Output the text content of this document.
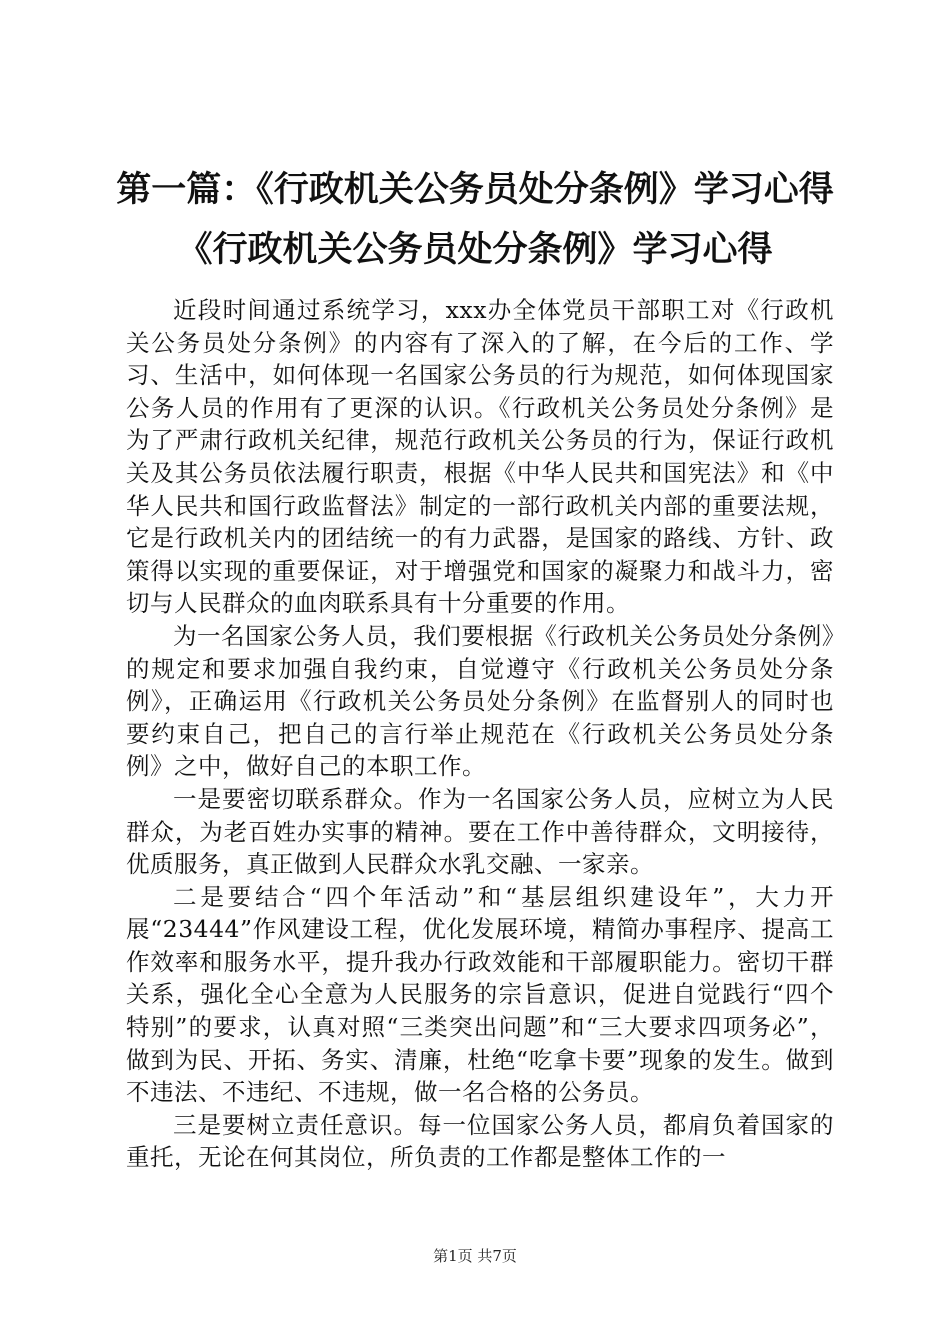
第一篇：《行政机关公务员处分条例》学习心得《行政机关公务员处分条例》学习心得

近段时间通过系统学习，xxx办全体党员干部职工对《行政机关公务员处分条例》的内容有了深入的了解，在今后的工作、学习、生活中，如何体现一名国家公务员的行为规范，如何体现国家公务人员的作用有了更深的认识。《行政机关公务员处分条例》是为了严肃行政机关纪律，规范行政机关公务员的行为，保证行政机关及其公务员依法履行职责，根据《中华人民共和国宪法》和《中华人民共和国行政监督法》制定的一部行政机关内部的重要法规，它是行政机关内的团结统一的有力武器，是国家的路线、方针、政策得以实现的重要保证，对于增强党和国家的凝聚力和战斗力，密切与人民群众的血肉联系具有十分重要的作用。

为一名国家公务人员，我们要根据《行政机关公务员处分条例》的规定和要求加强自我约束，自觉遵守《行政机关公务员处分条例》，正确运用《行政机关公务员处分条例》在监督别人的同时也要约束自己，把自己的言行举止规范在《行政机关公务员处分条例》之中，做好自己的本职工作。

一是要密切联系群众。作为一名国家公务人员，应树立为人民群众，为老百姓办实事的精神。要在工作中善待群众，文明接待，优质服务，真正做到人民群众水乳交融、一家亲。

二是要结合“四个年活动”和“基层组织建设年”，大力开展“23444”作风建设工程，优化发展环境，精简办事程序、提高工作效率和服务水平，提升我办行政效能和干部履职能力。密切干群关系，强化全心全意为人民服务的宗旨意识，促进自觉践行“四个特别”的要求，认真对照“三类突出问题”和“三大要求四项务必”，做到为民、开拓、务实、清廉，杜绝“吃拿卡要”现象的发生。做到不违法、不违纪、不违规，做一名合格的公务员。

三是要树立责任意识。每一位国家公务人员，都肩负着国家的重托，无论在何其岗位，所负责的工作都是整体工作的一

第1页 共7页
